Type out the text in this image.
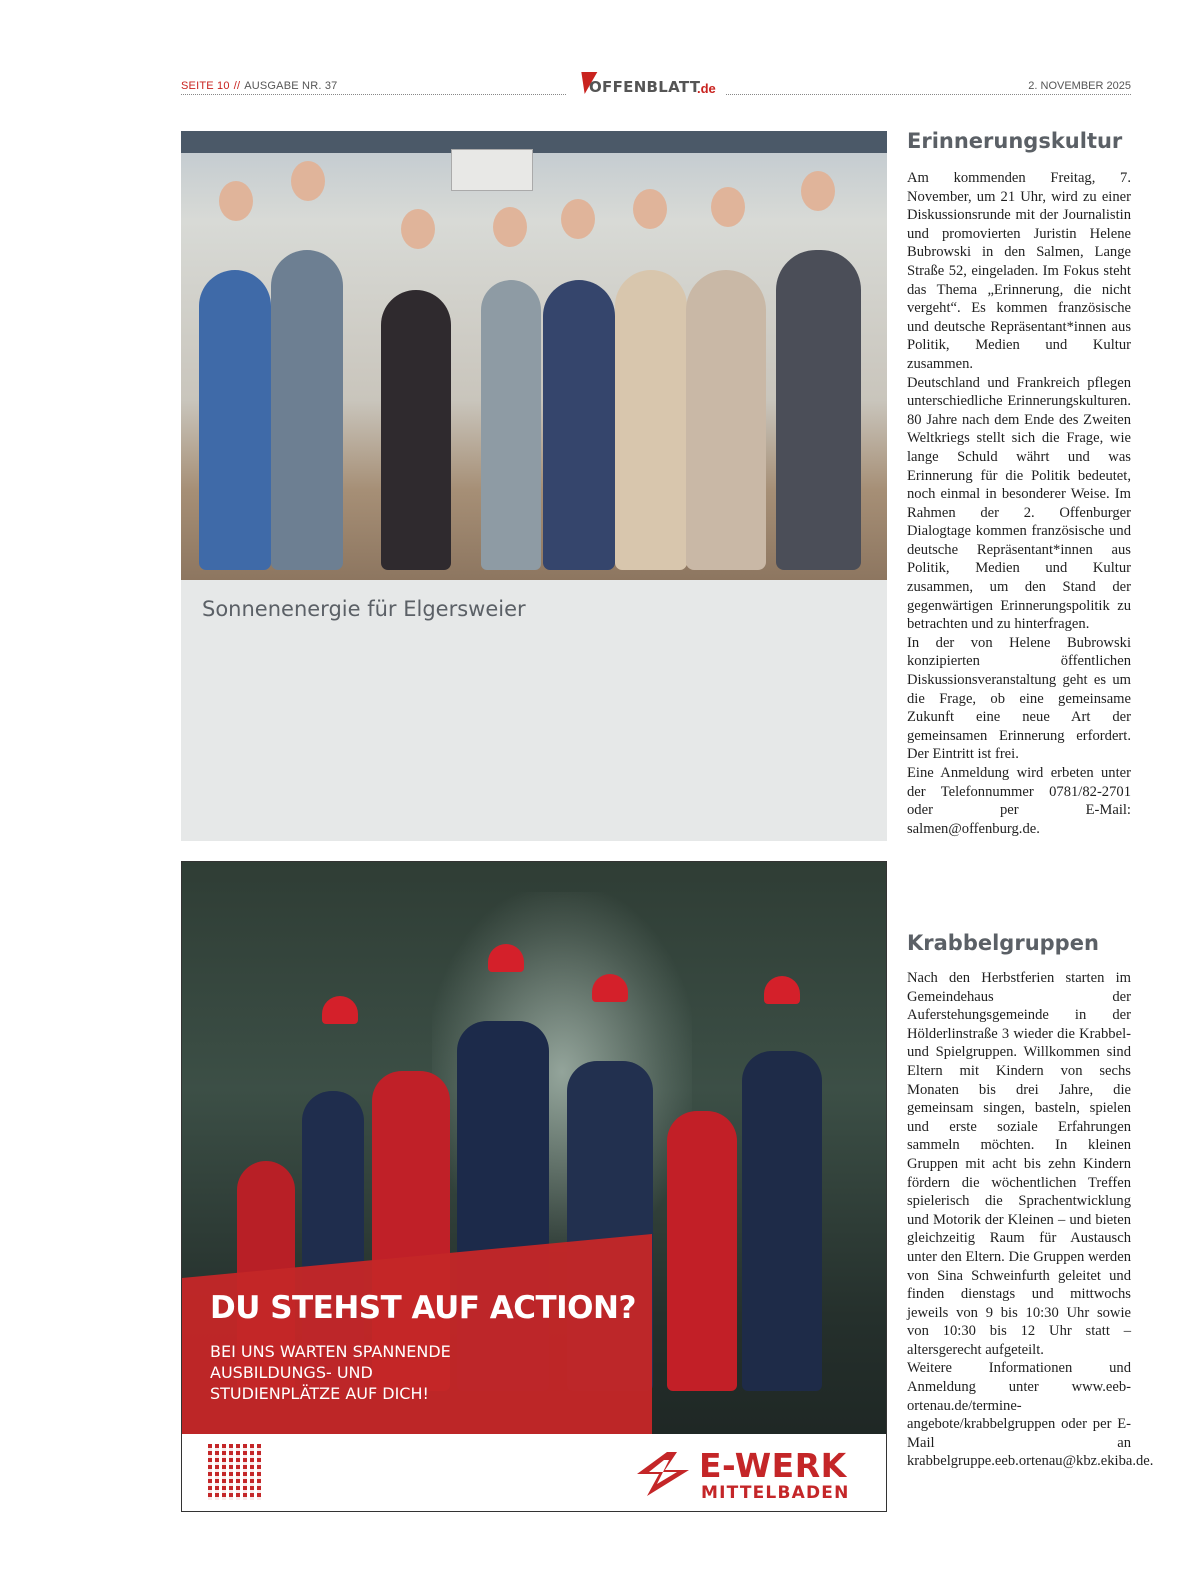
SEITE 10 // AUSGABE NR. 37	OFFENBLATT
.de	2. NOVEMBER 2025
Sonnenenergie für Elgersweier
DU STEHST AUF ACTION?
BEI UNS WARTEN SPANNENDE
AUSBILDUNGS- UND
STUDIENPLÄTZE AUF DICH!
E-WERK
MITTELBADEN
Erinnerungskultur

Am kommenden Freitag, 7. November, um 21 Uhr, wird zu einer Diskussionsrunde mit der Journalistin und promovierten Juristin Helene Bubrowski in den Salmen, Lange Straße 52, eingeladen. Im Fokus steht das Thema „Erinnerung, die nicht vergeht“. Es kommen französische und deutsche Repräsentant*innen aus Politik, Medien und Kultur zusammen.

Deutschland und Frankreich pflegen unterschiedliche Erinnerungskulturen. 80 Jahre nach dem Ende des Zweiten Weltkriegs stellt sich die Frage, wie lange Schuld währt und was Erinnerung für die Politik bedeutet, noch einmal in besonderer Weise. Im Rahmen der 2. Offenburger Dialogtage kommen französische und deutsche Repräsentant*innen aus Politik, Medien und Kultur zusammen, um den Stand der gegenwärtigen Erinnerungspolitik zu betrachten und zu hinterfragen.

In der von Helene Bubrowski konzipierten öffentlichen Diskussionsveranstaltung geht es um die Frage, ob eine gemeinsame Zukunft eine neue Art der gemeinsamen Erinnerung erfordert. Der Eintritt ist frei.

Eine Anmeldung wird erbeten unter der Telefonnummer 0781/82-2701 oder per E-Mail: salmen@offenburg.de.

Krabbelgruppen

Nach den Herbstferien starten im Gemeindehaus der Auferstehungsgemeinde in der Hölderlinstraße 3 wieder die Krabbel- und Spielgruppen. Willkommen sind Eltern mit Kindern von sechs Monaten bis drei Jahre, die gemeinsam singen, basteln, spielen und erste soziale Erfahrungen sammeln möchten. In kleinen Gruppen mit acht bis zehn Kindern fördern die wöchentlichen Treffen spielerisch die Sprachentwicklung und Motorik der Kleinen – und bieten gleichzeitig Raum für Austausch unter den Eltern. Die Gruppen werden von Sina Schweinfurth geleitet und finden dienstags und mittwochs jeweils von 9 bis 10:30 Uhr sowie von 10:30 bis 12 Uhr statt – altersgerecht aufgeteilt.

Weitere Informationen und Anmeldung unter www.eeb-ortenau.de/termine-angebote/krabbelgruppen oder per E-Mail an krabbelgruppe.eeb.ortenau@kbz.ekiba.de.
